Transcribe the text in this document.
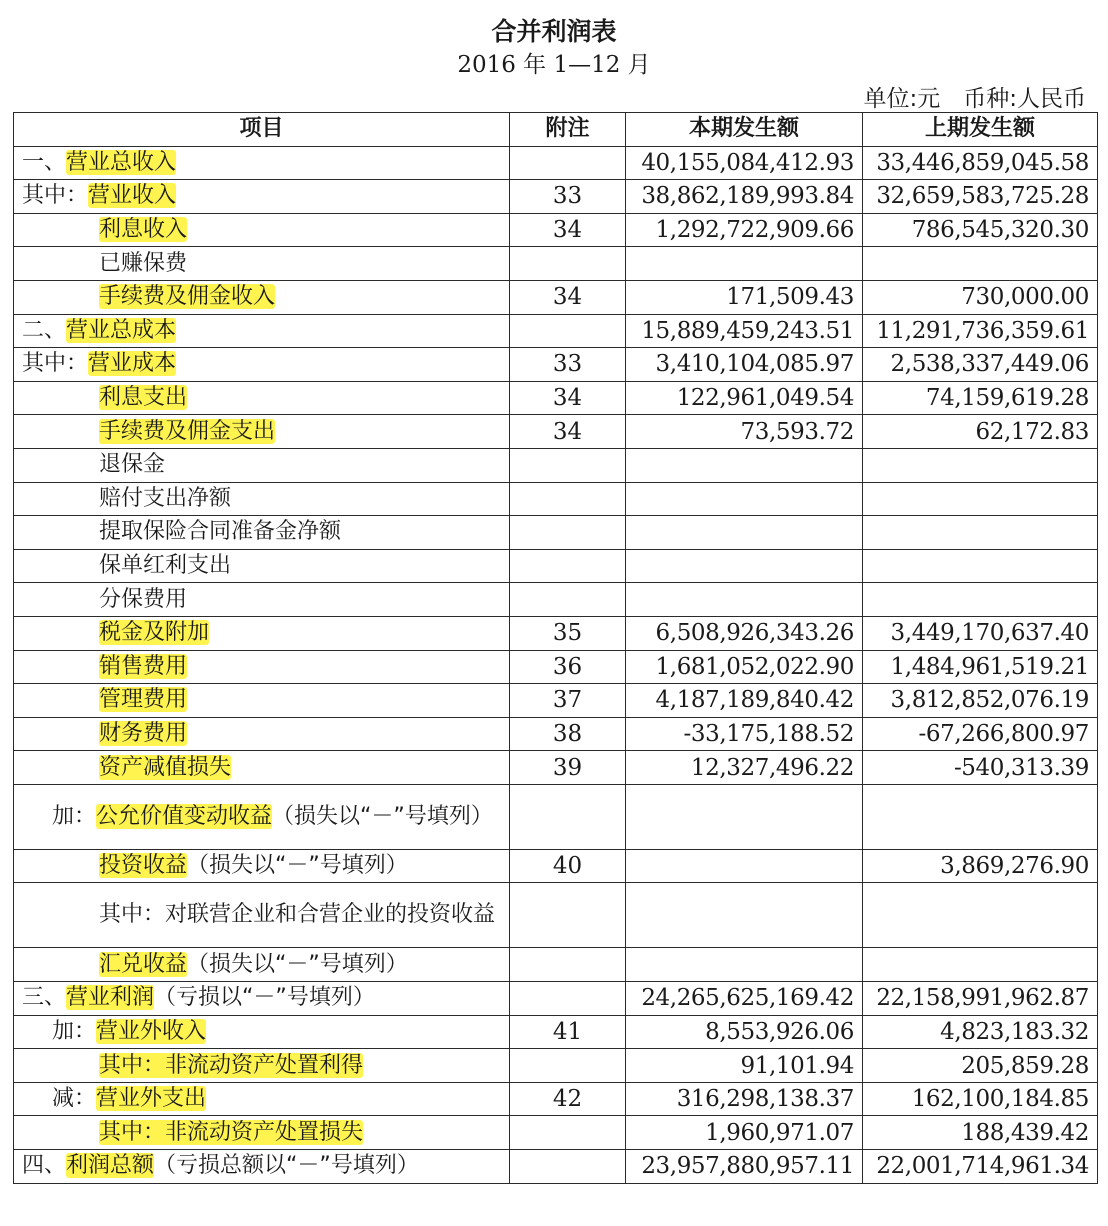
合并利润表
2016 年 1—12 月
单位:元　币种:人民币
项目	附注	本期发生额	上期发生额
一、营业总收入		40,155,084,412.93	33,446,859,045.58
其中：营业收入	33	38,862,189,993.84	32,659,583,725.28
利息收入	34	1,292,722,909.66	786,545,320.30
已赚保费			
手续费及佣金收入	34	171,509.43	730,000.00
二、营业总成本		15,889,459,243.51	11,291,736,359.61
其中：营业成本	33	3,410,104,085.97	2,538,337,449.06
利息支出	34	122,961,049.54	74,159,619.28
手续费及佣金支出	34	73,593.72	62,172.83
退保金			
赔付支出净额			
提取保险合同准备金净额			
保单红利支出			
分保费用			
税金及附加	35	6,508,926,343.26	3,449,170,637.40
销售费用	36	1,681,052,022.90	1,484,961,519.21
管理费用	37	4,187,189,840.42	3,812,852,076.19
财务费用	38	-33,175,188.52	-67,266,800.97
资产减值损失	39	12,327,496.22	-540,313.39
加：公允价值变动收益（损失以“－”号填列）			
投资收益（损失以“－”号填列）	40		3,869,276.90
其中：对联营企业和合营企业的投资收益			
汇兑收益（损失以“－”号填列）			
三、营业利润（亏损以“－”号填列）		24,265,625,169.42	22,158,991,962.87
加：营业外收入	41	8,553,926.06	4,823,183.32
其中：非流动资产处置利得		91,101.94	205,859.28
减：营业外支出	42	316,298,138.37	162,100,184.85
其中：非流动资产处置损失		1,960,971.07	188,439.42
四、利润总额（亏损总额以“－”号填列）		23,957,880,957.11	22,001,714,961.34
